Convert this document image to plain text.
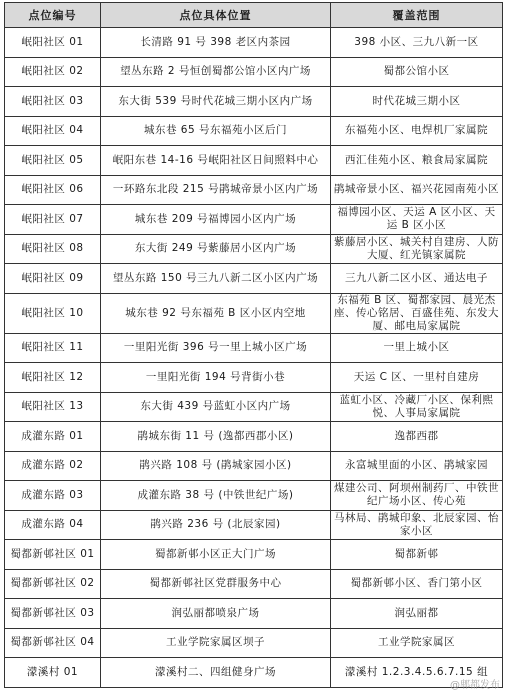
点位编号	点位具体位置	覆盖范围
岷阳社区 01	长清路 91 号 398 老区内茶园	398 小区、三九八新一区
岷阳社区 02	望丛东路 2 号恒创蜀都公馆小区内广场	蜀都公馆小区
岷阳社区 03	东大街 539 号时代花城三期小区内广场	时代花城三期小区
岷阳社区 04	城东巷 65 号东福苑小区后门	东福苑小区、电焊机厂家属院
岷阳社区 05	岷阳东巷 14-16 号岷阳社区日间照料中心	西汇佳苑小区、粮食局家属院
岷阳社区 06	一环路东北段 215 号鹃城帝景小区内广场	鹃城帝景小区、福兴花园南苑小区
岷阳社区 07	城东巷 209 号福博园小区内广场	福博园小区、天运 A 区小区、天运 B 区小区
岷阳社区 08	东大街 249 号紫藤居小区内广场	紫藤居小区、城关村自建房、人防大厦、红光镇家属院
岷阳社区 09	望丛东路 150 号三九八新二区小区内广场	三九八新二区小区、通达电子
岷阳社区 10	城东巷 92 号东福苑 B 区小区内空地	东福苑 B 区、蜀都家园、晨光杰座、传心铭居、百盛佳苑、东发大厦、邮电局家属院
岷阳社区 11	一里阳光街 396 号一里上城小区广场	一里上城小区
岷阳社区 12	一里阳光街 194 号背街小巷	天运 C 区、一里村自建房
岷阳社区 13	东大街 439 号蓝虹小区内广场	蓝虹小区、冷藏厂小区、保利熙悦、人事局家属院
成灌东路 01	鹃城东街 11 号 (逸都西郡小区)	逸都西郡
成灌东路 02	鹃兴路 108 号 (鹃城家园小区)	永富城里面的小区、鹃城家园
成灌东路 03	成灌东路 38 号 (中铁世纪广场)	煤建公司、阿坝州制药厂、中铁世纪广场小区、传心苑
成灌东路 04	鹃兴路 236 号 (北辰家园)	马林局、鹃城印象、北辰家园、怡家小区
蜀都新邨社区 01	蜀都新邨小区正大门广场	蜀都新邨
蜀都新邨社区 02	蜀都新邨社区党群服务中心	蜀都新邨小区、香门第小区
蜀都新邨社区 03	润弘丽都喷泉广场	润弘丽都
蜀都新邨社区 04	工业学院家属区坝子	工业学院家属区
濛溪村 01	濛溪村二、四组健身广场	濛溪村 1.2.3.4.5.6.7.15 组
@郫都发布
